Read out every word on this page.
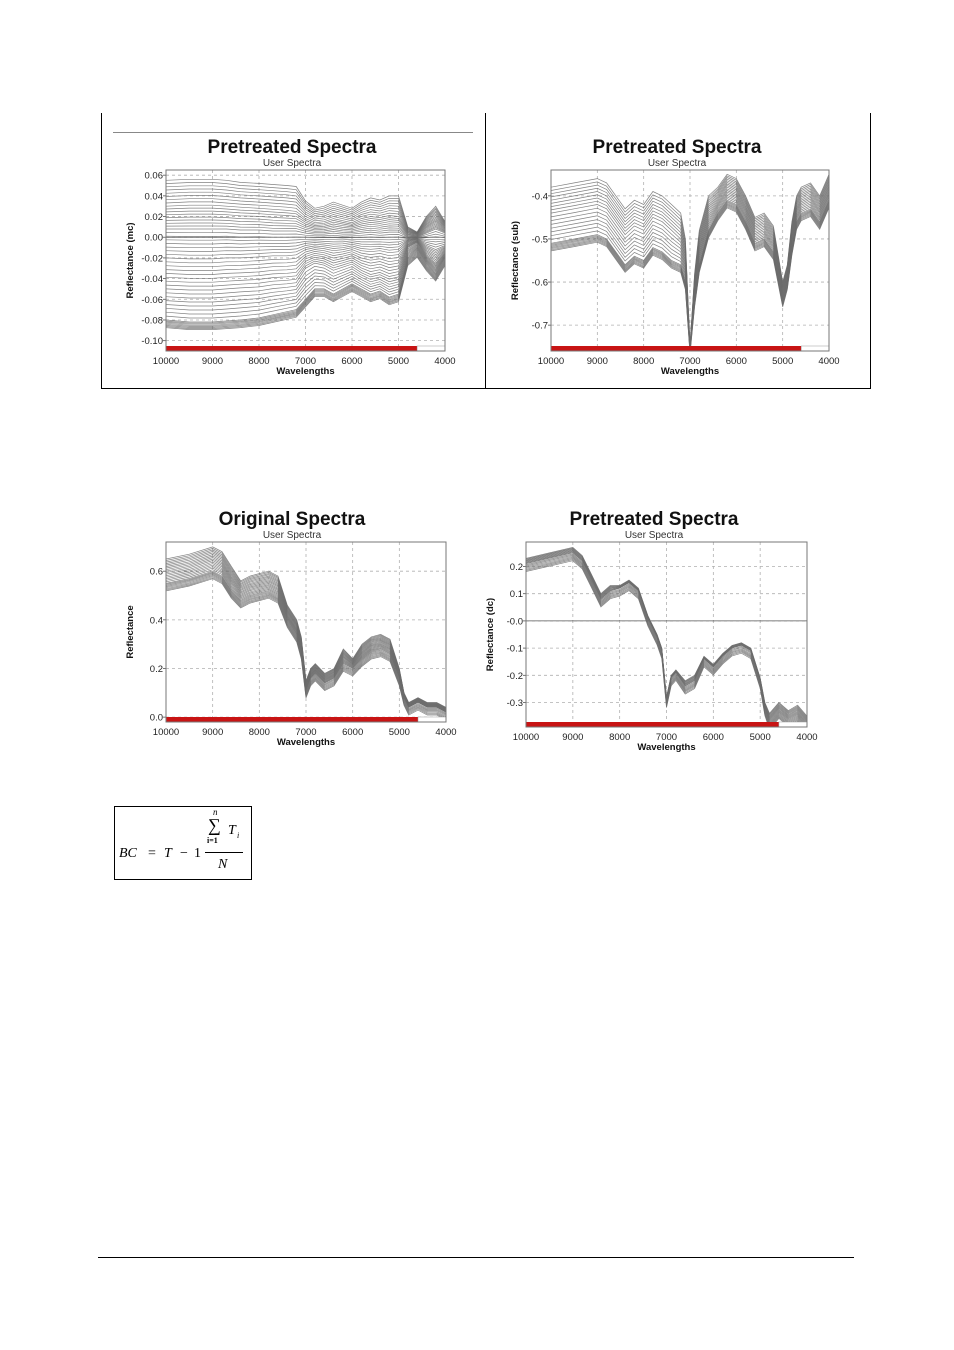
Pretreated Spectra
User Spectra
10000 9000	8000	7000	6000	5000	4000
0.06
0.04
0.02
0.00
-0.02
-0.04
-0.06
-0.08
-0.10
Wavelengths
Reflectance (mc)
Pretreated Spectra
User Spectra
10000 9000	8000	7000	6000	5000	4000
-0.4
-0.5
-0.6
-0.7
Wavelengths
Reflectance (sub)
Original Spectra
User Spectra
10000 9000	8000	7000	6000	5000	4000
0.6
0.4
0.2
0.0
Wavelengths
Reflectance
Pretreated Spectra
User Spectra
10000 9000	8000	7000	6000	5000	4000
0.2
0.1
-0.0
-0.1
-0.2
-0.3
Wavelengths
Reflectance (dc)
BC = T − 1
n
∑
i=1
T i
N
